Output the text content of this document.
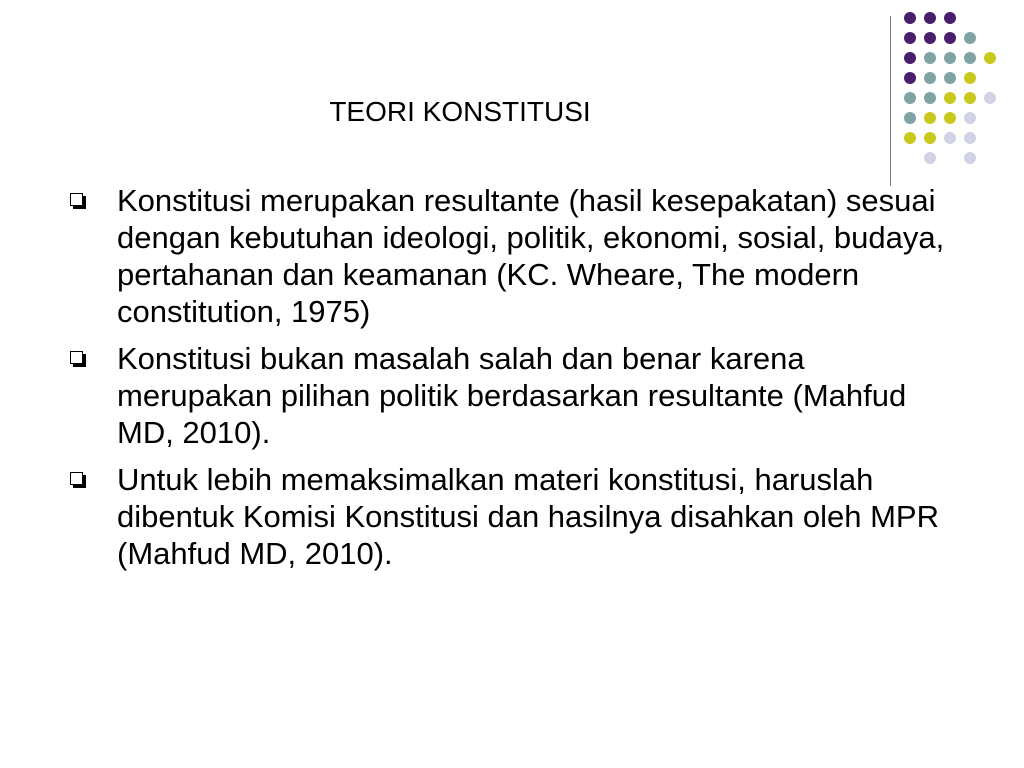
TEORI KONSTITUSI
Konstitusi merupakan resultante (hasil kesepakatan) sesuai dengan kebutuhan ideologi, politik, ekonomi, sosial, budaya, pertahanan dan keamanan (KC. Wheare, The modern constitution, 1975)
Konstitusi bukan masalah salah dan benar karena merupakan pilihan politik berdasarkan resultante (Mahfud MD, 2010).
Untuk lebih memaksimalkan materi konstitusi, haruslah dibentuk Komisi Konstitusi dan hasilnya disahkan oleh MPR (Mahfud MD, 2010).
